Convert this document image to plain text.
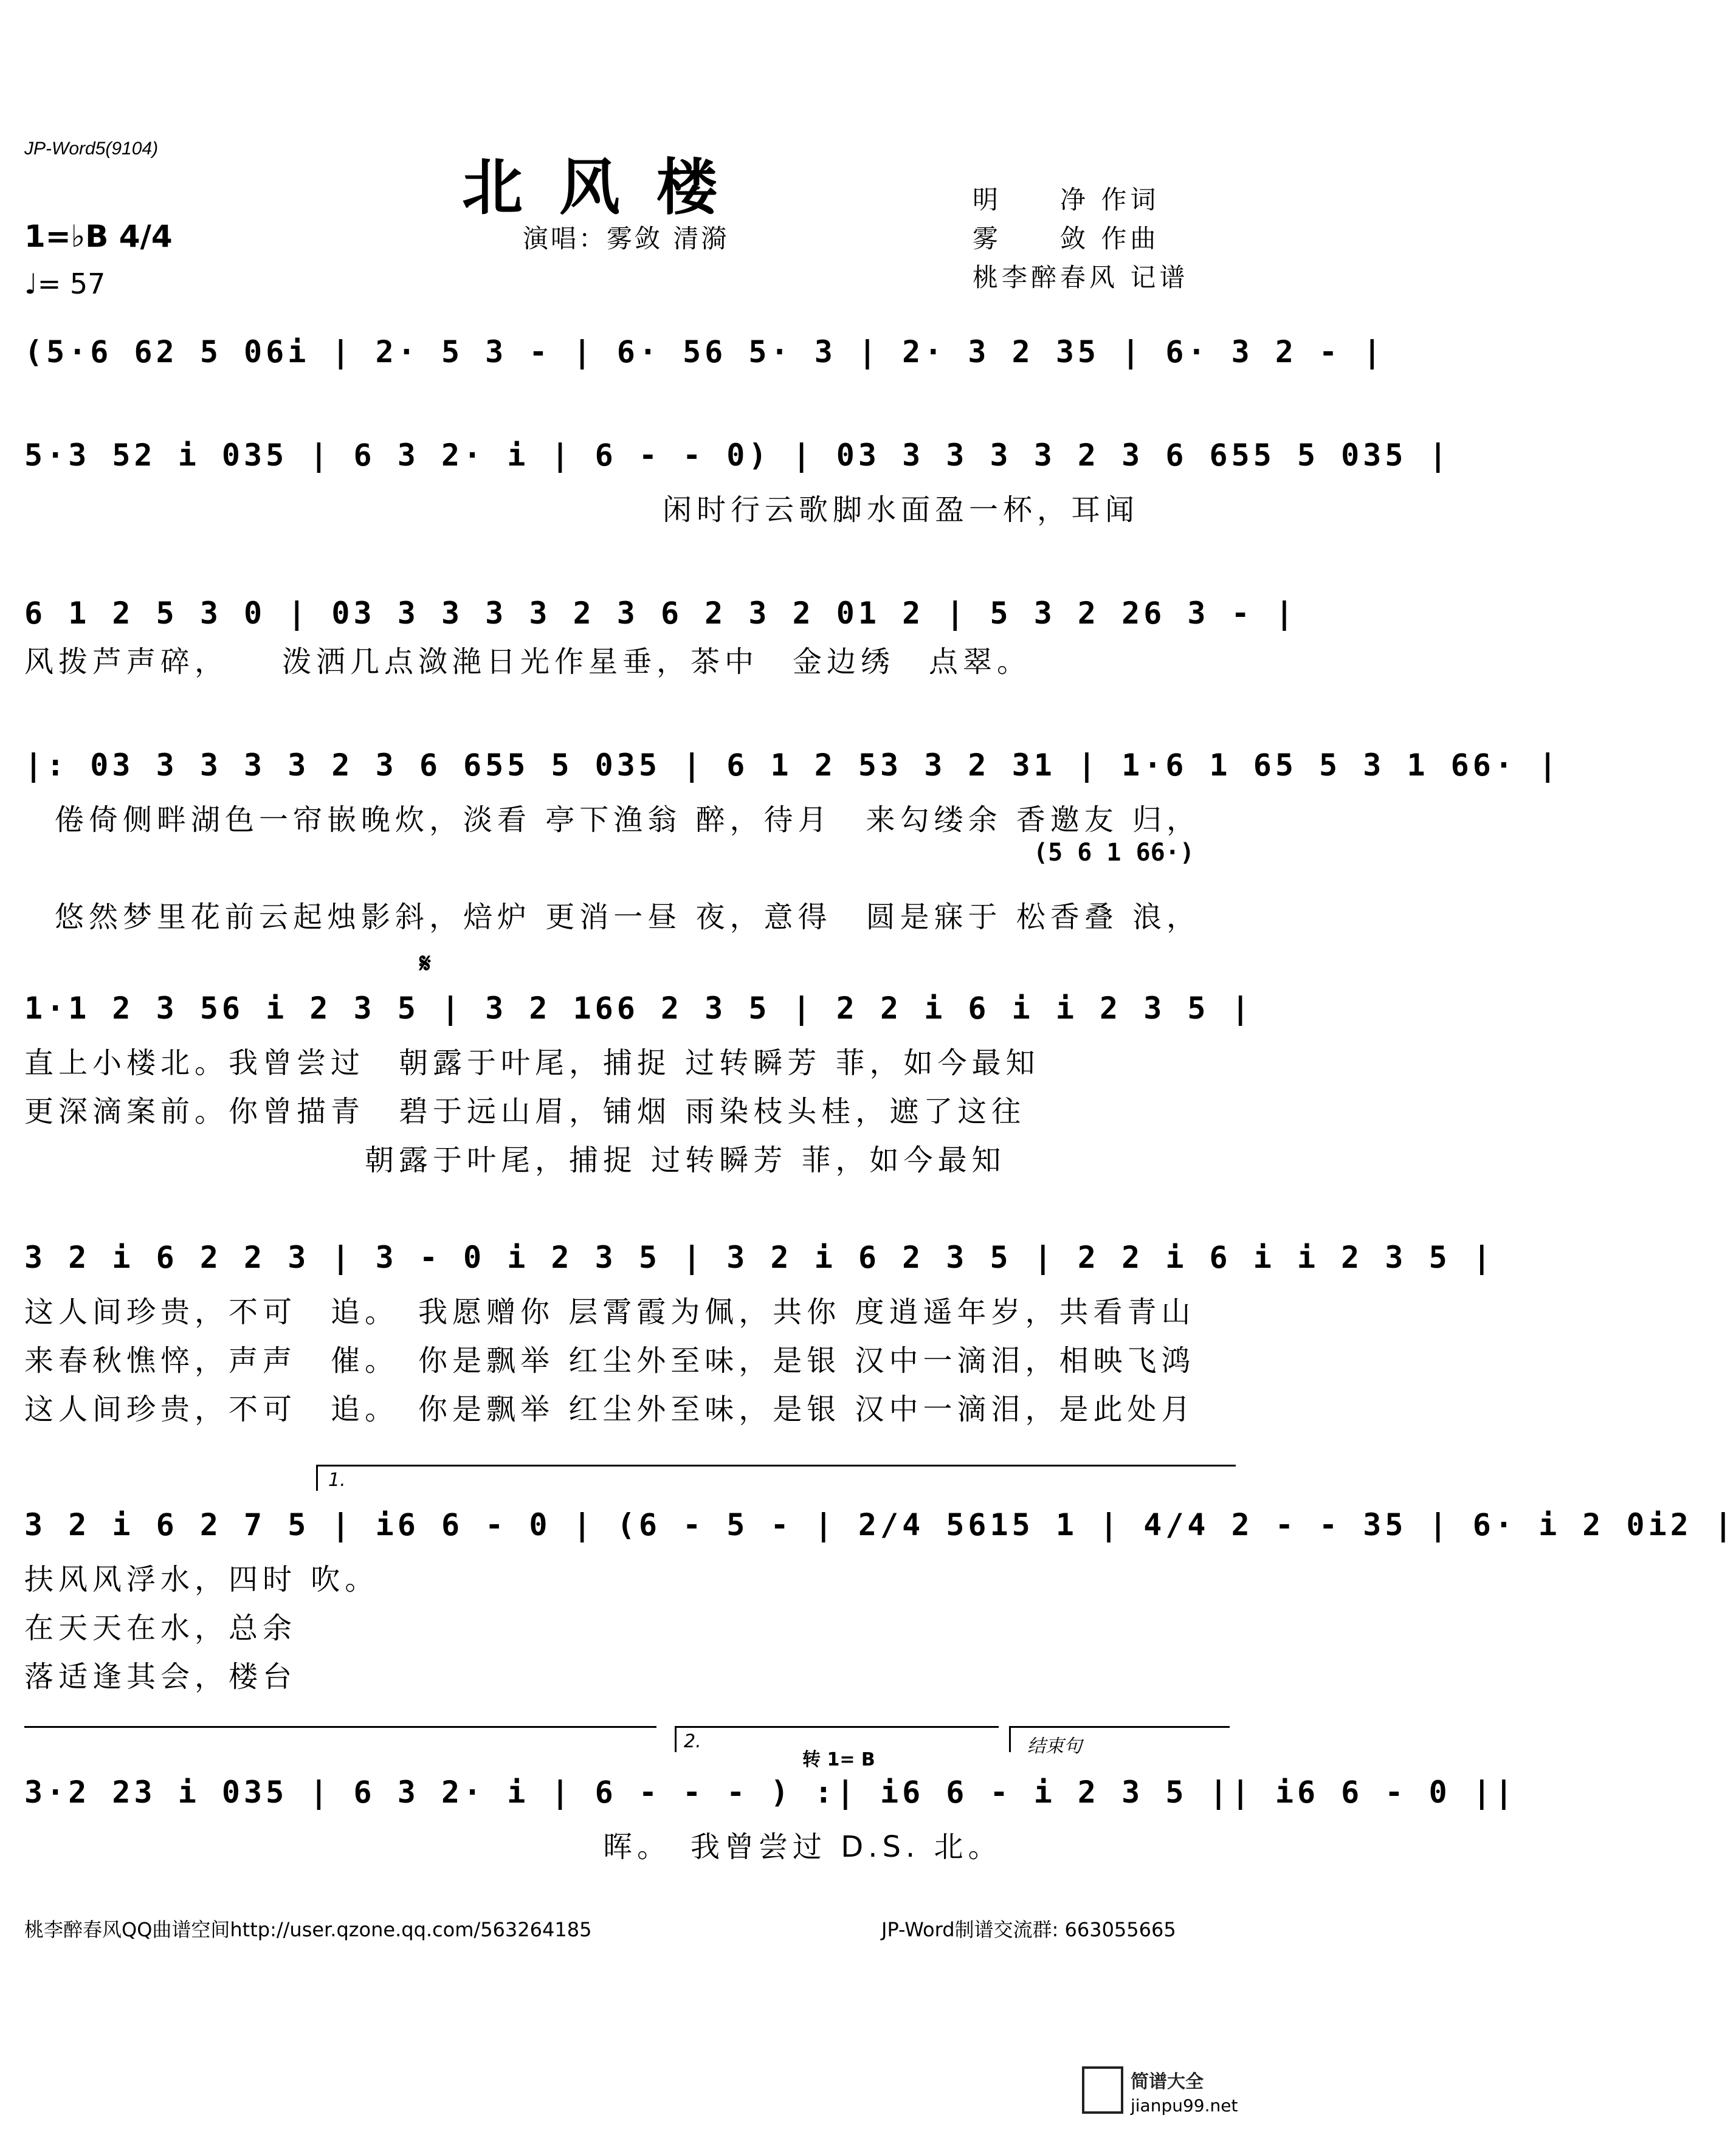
JP-Word5(9104)
北风楼
演唱：雾敛 清漪
明　　净 作词
雾　　敛 作曲
桃李醉春风 记谱
1=♭B 4/4
♩= 57
(5·6 62 5 06i | 2· 5 3 - | 6· 56 5· 3 | 2· 3 2 35 | 6· 3 2 - |
5·3 52 i 035 | 6 3 2· i | 6 - - 0) | 03 3 3 3 3 2 3 6 655 5 035 |
闲时行云歌脚水面盈一杯，耳闻
6 1 2 5 3 0 | 03 3 3 3 3 2 3 6 2 3 2 01 2 | 5 3 2 26 3 - |
风拨芦声碎，　　泼洒几点潋滟日光作星垂，茶中　金边绣　点翠。
|: 03 3 3 3 3 2 3 6 655 5 035 | 6 1 2 53 3 2 31 | 1·6 1 65 5 3 1 66· |
倦倚侧畔湖色一帘嵌晚炊，淡看 亭下渔翁 醉，待月　来勾缕余 香邀友 归，
(5 6 1 66·)
悠然梦里花前云起烛影斜，焙炉 更消一昼 夜，意得　圆是寐于 松香叠 浪，
𝄋
1·1 2 3 56 i 2 3 5 | 3 2 166 2 3 5 | 2 2 i 6 i i 2 3 5 |
直上小楼北。我曾尝过　朝露于叶尾，捕捉 过转瞬芳 菲，如今最知
更深滴案前。你曾描青　碧于远山眉，铺烟 雨染枝头桂，遮了这往
　　　　　　　　　　朝露于叶尾，捕捉 过转瞬芳 菲，如今最知
3 2 i 6 2 2 3 | 3 - 0 i 2 3 5 | 3 2 i 6 2 3 5 | 2 2 i 6 i i 2 3 5 |
这人间珍贵，不可　追。　我愿赠你 层霄霞为佩，共你 度逍遥年岁，共看青山
来春秋憔悴，声声　催。　你是飘举 红尘外至味，是银 汉中一滴泪，相映飞鸿
这人间珍贵，不可　追。　你是飘举 红尘外至味，是银 汉中一滴泪，是此处月
1.
3 2 i 6 2 7 5 | i6 6 - 0 | (6 - 5 - | 2/4 5615 1 | 4/4 2 - - 35 | 6· i 2 0i2 |
扶风风浮水，四时 吹。
在天天在水，总余
落适逢其会，楼台
2.
转 1= B
结束句
3·2 23 i 035 | 6 3 2· i | 6 - - - ) :| i6 6 - i 2 3 5 || i6 6 - 0 ||
　　　　　　　　　　　　　　　　　晖。　我曾尝过 D.S. 北。
桃李醉春风QQ曲谱空间http://user.qzone.qq.com/563264185	JP-Word制谱交流群: 663055665
简谱大全
jianpu99.net
